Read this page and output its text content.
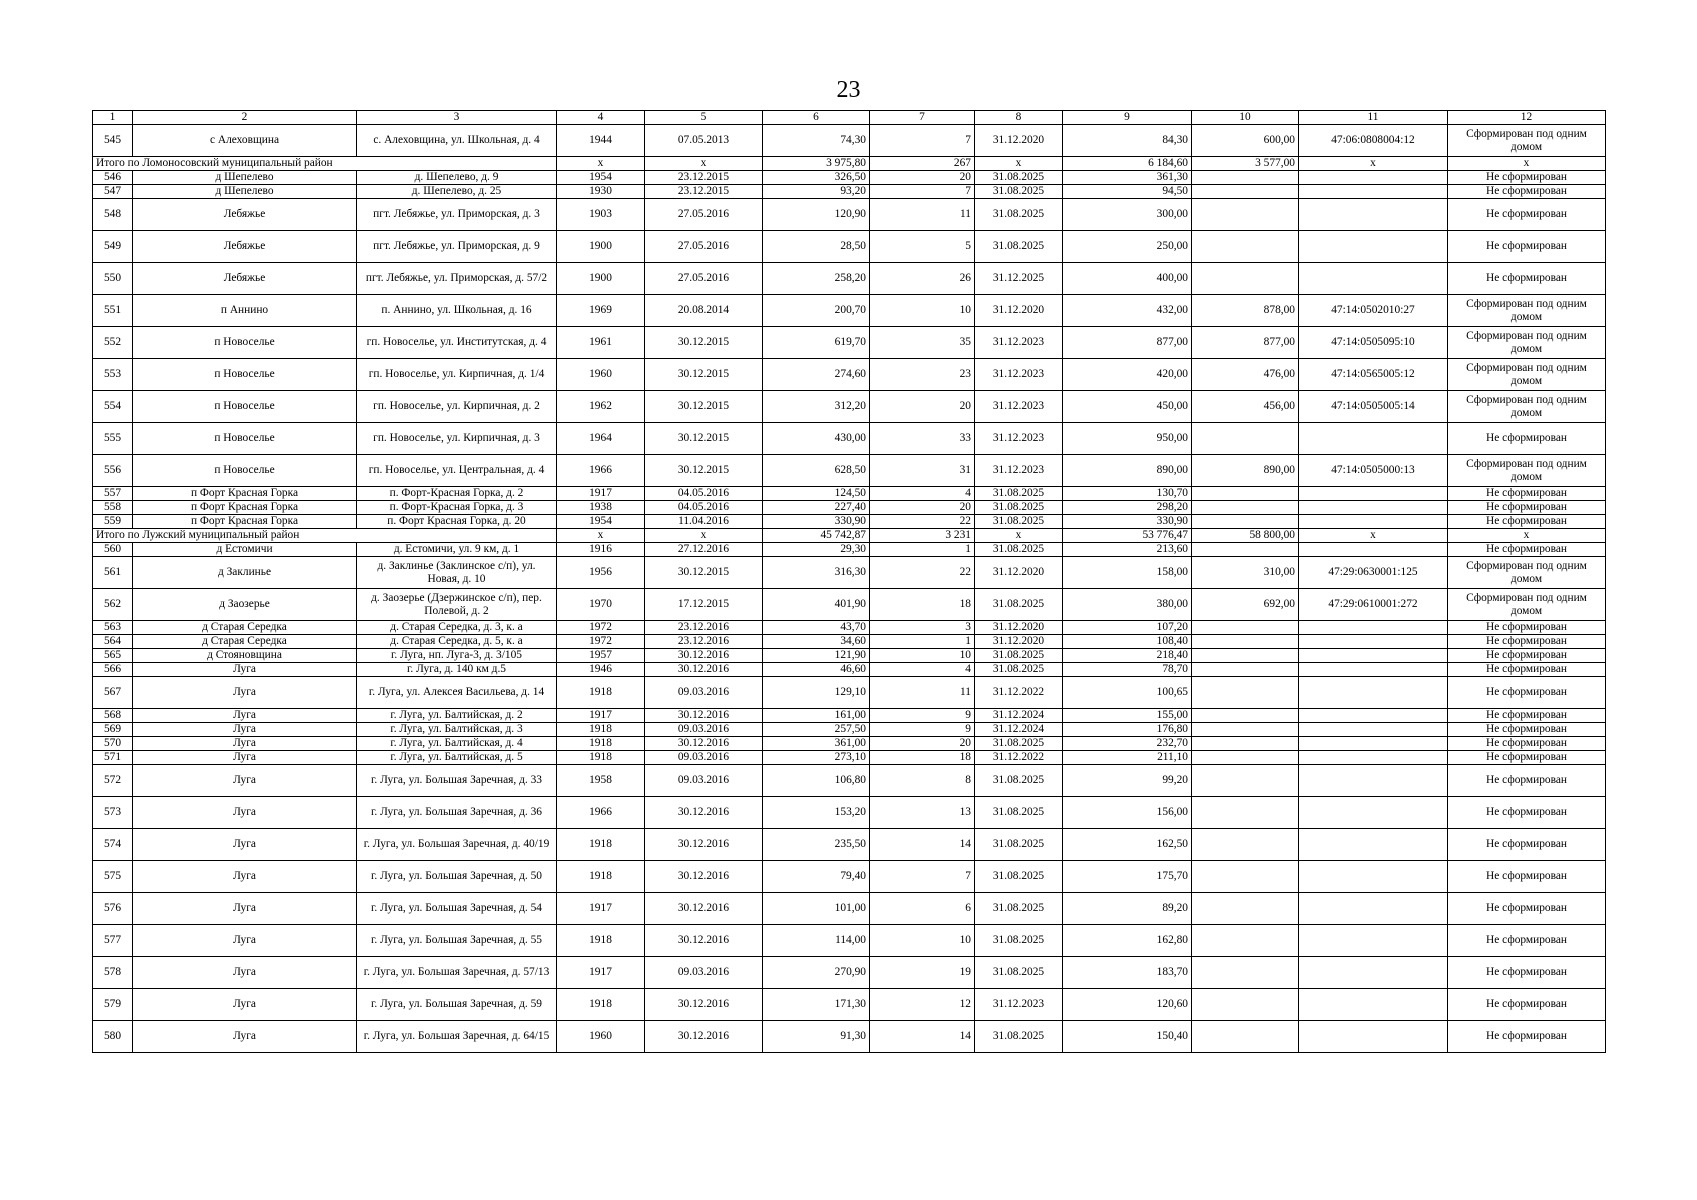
23
1	2	3	4	5	6	7	8	9	10	11	12
545	с Алеховщина	с. Алеховщина, ул. Школьная, д. 4	1944	07.05.2013	74,30	7	31.12.2020	84,30	600,00	47:06:0808004:12	Сформирован под одним домом
Итого по Ломоносовский муниципальный район			x	x	3 975,80	267	x	6 184,60	3 577,00	x	x
546	д Шепелево	д. Шепелево, д. 9	1954	23.12.2015	326,50	20	31.08.2025	361,30			Не сформирован
547	д Шепелево	д. Шепелево, д. 25	1930	23.12.2015	93,20	7	31.08.2025	94,50			Не сформирован
548	Лебяжье	пгт. Лебяжье, ул. Приморская, д. 3	1903	27.05.2016	120,90	11	31.08.2025	300,00			Не сформирован
549	Лебяжье	пгт. Лебяжье, ул. Приморская, д. 9	1900	27.05.2016	28,50	5	31.08.2025	250,00			Не сформирован
550	Лебяжье	пгт. Лебяжье, ул. Приморская, д. 57/2	1900	27.05.2016	258,20	26	31.12.2025	400,00			Не сформирован
551	п Аннино	п. Аннино, ул. Школьная, д. 16	1969	20.08.2014	200,70	10	31.12.2020	432,00	878,00	47:14:0502010:27	Сформирован под одним домом
552	п Новоселье	гп. Новоселье, ул. Институтская, д. 4	1961	30.12.2015	619,70	35	31.12.2023	877,00	877,00	47:14:0505095:10	Сформирован под одним домом
553	п Новоселье	гп. Новоселье, ул. Кирпичная, д. 1/4	1960	30.12.2015	274,60	23	31.12.2023	420,00	476,00	47:14:0565005:12	Сформирован под одним домом
554	п Новоселье	гп. Новоселье, ул. Кирпичная, д. 2	1962	30.12.2015	312,20	20	31.12.2023	450,00	456,00	47:14:0505005:14	Сформирован под одним домом
555	п Новоселье	гп. Новоселье, ул. Кирпичная, д. 3	1964	30.12.2015	430,00	33	31.12.2023	950,00			Не сформирован
556	п Новоселье	гп. Новоселье, ул. Центральная, д. 4	1966	30.12.2015	628,50	31	31.12.2023	890,00	890,00	47:14:0505000:13	Сформирован под одним домом
557	п Форт Красная Горка	п. Форт-Красная Горка, д. 2	1917	04.05.2016	124,50	4	31.08.2025	130,70			Не сформирован
558	п Форт Красная Горка	п. Форт-Красная Горка, д. 3	1938	04.05.2016	227,40	20	31.08.2025	298,20			Не сформирован
559	п Форт Красная Горка	п. Форт Красная Горка, д. 20	1954	11.04.2016	330,90	22	31.08.2025	330,90			Не сформирован
Итого по Лужский муниципальный район			x	x	45 742,87	3 231	x	53 776,47	58 800,00	x	x
560	д Естомичи	д. Естомичи, ул. 9 км, д. 1	1916	27.12.2016	29,30	1	31.08.2025	213,60			Не сформирован
561	д Заклинье	д. Заклинье (Заклинское с/п), ул. Новая, д. 10	1956	30.12.2015	316,30	22	31.12.2020	158,00	310,00	47:29:0630001:125	Сформирован под одним домом
562	д Заозерье	д. Заозерье (Дзержинское с/п), пер. Полевой, д. 2	1970	17.12.2015	401,90	18	31.08.2025	380,00	692,00	47:29:0610001:272	Сформирован под одним домом
563	д Старая Середка	д. Старая Середка, д. 3, к. а	1972	23.12.2016	43,70	3	31.12.2020	107,20			Не сформирован
564	д Старая Середка	д. Старая Середка, д. 5, к. а	1972	23.12.2016	34,60	1	31.12.2020	108,40			Не сформирован
565	д Стояновщина	г. Луга, нп. Луга-3, д. 3/105	1957	30.12.2016	121,90	10	31.08.2025	218,40			Не сформирован
566	Луга	г. Луга, д. 140 км д.5	1946	30.12.2016	46,60	4	31.08.2025	78,70			Не сформирован
567	Луга	г. Луга, ул. Алексея Васильева, д. 14	1918	09.03.2016	129,10	11	31.12.2022	100,65			Не сформирован
568	Луга	г. Луга, ул. Балтийская, д. 2	1917	30.12.2016	161,00	9	31.12.2024	155,00			Не сформирован
569	Луга	г. Луга, ул. Балтийская, д. 3	1918	09.03.2016	257,50	9	31.12.2024	176,80			Не сформирован
570	Луга	г. Луга, ул. Балтийская, д. 4	1918	30.12.2016	361,00	20	31.08.2025	232,70			Не сформирован
571	Луга	г. Луга, ул. Балтийская, д. 5	1918	09.03.2016	273,10	18	31.12.2022	211,10			Не сформирован
572	Луга	г. Луга, ул. Большая Заречная, д. 33	1958	09.03.2016	106,80	8	31.08.2025	99,20			Не сформирован
573	Луга	г. Луга, ул. Большая Заречная, д. 36	1966	30.12.2016	153,20	13	31.08.2025	156,00			Не сформирован
574	Луга	г. Луга, ул. Большая Заречная, д. 40/19	1918	30.12.2016	235,50	14	31.08.2025	162,50			Не сформирован
575	Луга	г. Луга, ул. Большая Заречная, д. 50	1918	30.12.2016	79,40	7	31.08.2025	175,70			Не сформирован
576	Луга	г. Луга, ул. Большая Заречная, д. 54	1917	30.12.2016	101,00	6	31.08.2025	89,20			Не сформирован
577	Луга	г. Луга, ул. Большая Заречная, д. 55	1918	30.12.2016	114,00	10	31.08.2025	162,80			Не сформирован
578	Луга	г. Луга, ул. Большая Заречная, д. 57/13	1917	09.03.2016	270,90	19	31.08.2025	183,70			Не сформирован
579	Луга	г. Луга, ул. Большая Заречная, д. 59	1918	30.12.2016	171,30	12	31.12.2023	120,60			Не сформирован
580	Луга	г. Луга, ул. Большая Заречная, д. 64/15	1960	30.12.2016	91,30	14	31.08.2025	150,40			Не сформирован
